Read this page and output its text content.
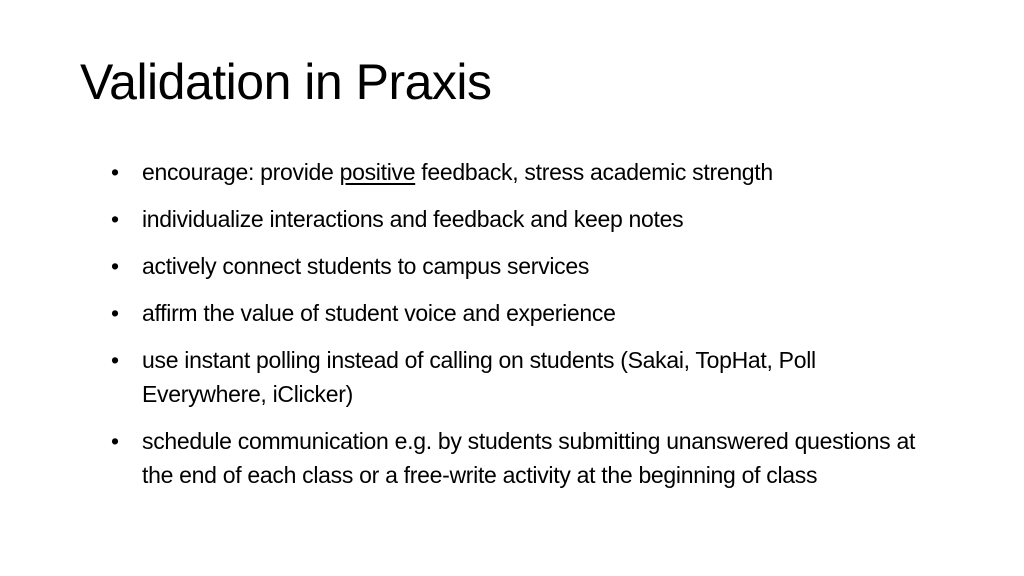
Validation in Praxis
• encourage: provide positive feedback, stress academic strength
• individualize interactions and feedback and keep notes
• actively connect students to campus services
• affirm the value of student voice and experience
• use instant polling instead of calling on students (Sakai, TopHat, Poll Everywhere, iClicker)
• schedule communication e.g. by students submitting unanswered questions at the end of each class or a free-write activity at the beginning of class
